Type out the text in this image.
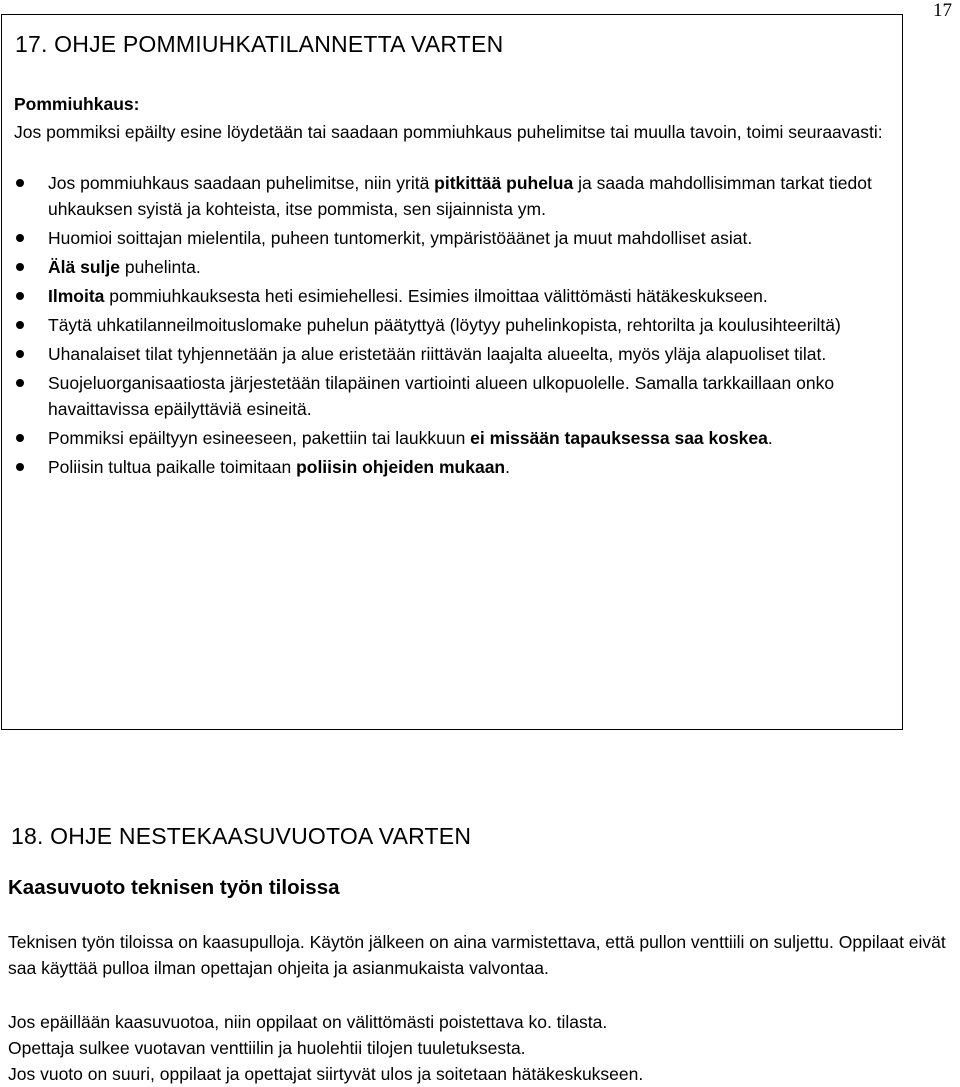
17
17. OHJE POMMIUHKATILANNETTA VARTEN
Pommiuhkaus:

Jos pommiksi epäilty esine löydetään tai saadaan pommiuhkaus puhelimitse tai muulla tavoin, toimi seuraavasti:

Jos pommiuhkaus saadaan puhelimitse, niin yritä pitkittää puhelua ja saada mahdollisimman tarkat tiedot uhkauksen syistä ja kohteista, itse pommista, sen sijainnista ym.
Huomioi soittajan mielentila, puheen tuntomerkit, ympäristöäänet ja muut mahdolliset asiat.
Älä sulje puhelinta.
Ilmoita pommiuhkauksesta heti esimiehellesi. Esimies ilmoittaa välittömästi hätäkeskukseen.
Täytä uhkatilanneilmoituslomake puhelun päätyttyä (löytyy puhelinkopista, rehtorilta ja koulusihteeriltä)
Uhanalaiset tilat tyhjennetään ja alue eristetään riittävän laajalta alueelta, myös yläja alapuoliset tilat.
Suojeluorganisaatiosta järjestetään tilapäinen vartiointi alueen ulkopuolelle. Samalla tarkkaillaan onko havaittavissa epäilyttäviä esineitä.
Pommiksi epäiltyyn esineeseen, pakettiin tai laukkuun ei missään tapauksessa saa koskea.
Poliisin tultua paikalle toimitaan poliisin ohjeiden mukaan.
18. OHJE NESTEKAASUVUOTOA VARTEN
Kaasuvuoto teknisen työn tiloissa

Teknisen työn tiloissa on kaasupulloja. Käytön jälkeen on aina varmistettava, että pullon venttiili on suljettu. Oppilaat eivät saa käyttää pulloa ilman opettajan ohjeita ja asianmukaista valvontaa.

Jos epäillään kaasuvuotoa, niin oppilaat on välittömästi poistettava ko. tilasta.
Opettaja sulkee vuotavan venttiilin ja huolehtii tilojen tuuletuksesta.
Jos vuoto on suuri, oppilaat ja opettajat siirtyvät ulos ja soitetaan hätäkeskukseen.
